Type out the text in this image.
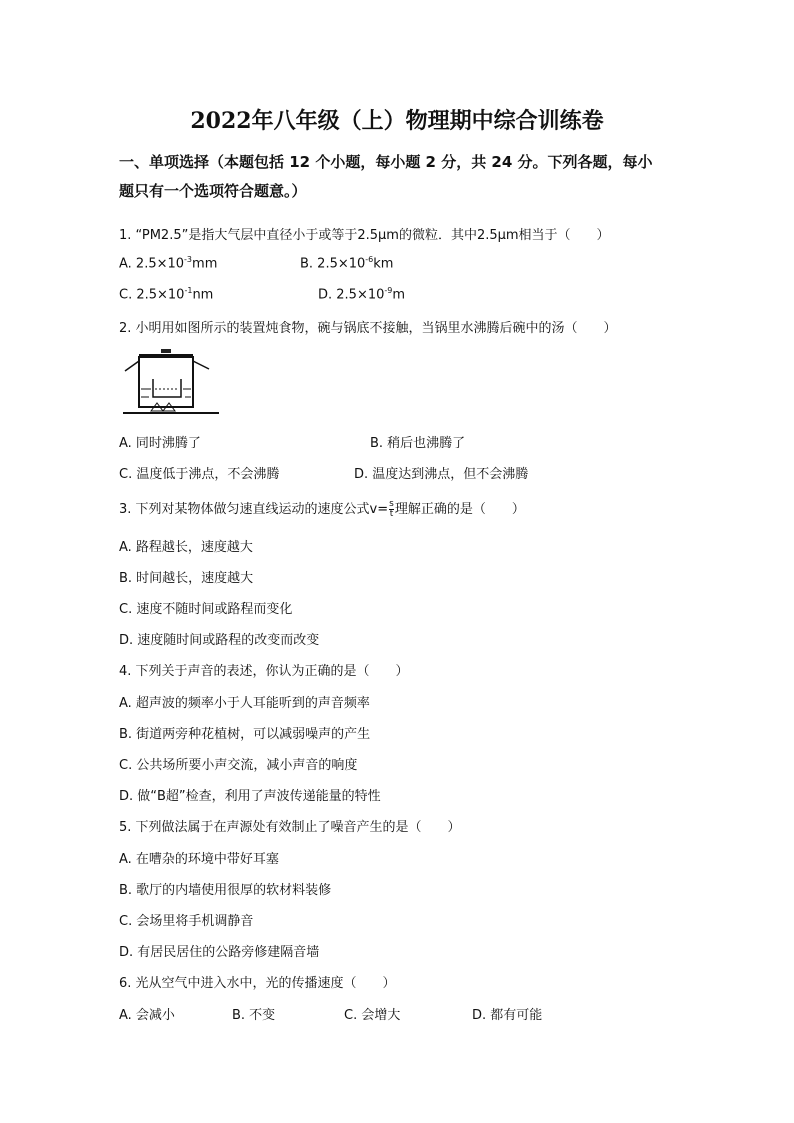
2022年八年级（上）物理期中综合训练卷
一、单项选择（本题包括 12 个小题，每小题 2 分，共 24 分。下列各题，每小
题只有一个选项符合题意。）
1. “PM2.5”是指大气层中直径小于或等于2.5μm的微粒．其中2.5μm相当于（　　）
A. $2.5\times 10^{-3}mm$	B. $2.5\times 10^{-6}km$
C. $2.5\times 10^{-1}nm$	D. $2.5\times 10^{-9}m$
2. 小明用如图所示的装置炖食物，碗与锅底不接触，当锅里水沸腾后碗中的汤（　　）
A. 同时沸腾了	B. 稍后也沸腾了
C. 温度低于沸点，不会沸腾	D. 温度达到沸点，但不会沸腾
3. 下列对某物体做匀速直线运动的速度公式$v= \frac{s}{t}$ 理解正确的是（　　）
A. 路程越长，速度越大
B. 时间越长，速度越大
C. 速度不随时间或路程而变化
D. 速度随时间或路程的改变而改变
4. 下列关于声音的表述，你认为正确的是（　　）
A. 超声波的频率小于人耳能听到的声音频率
B. 街道两旁种花植树，可以减弱噪声的产生
C. 公共场所要小声交流，减小声音的响度
D. 做“B超”检查，利用了声波传递能量的特性
5. 下列做法属于在声源处有效制止了噪音产生的是（　　）
A. 在嘈杂的环境中带好耳塞
B. 歌厅的内墙使用很厚的软材料装修
C. 会场里将手机调静音
D. 有居民居住的公路旁修建隔音墙
6. 光从空气中进入水中，光的传播速度（　　）
A. 会减小	B. 不变	C. 会增大	D. 都有可能
